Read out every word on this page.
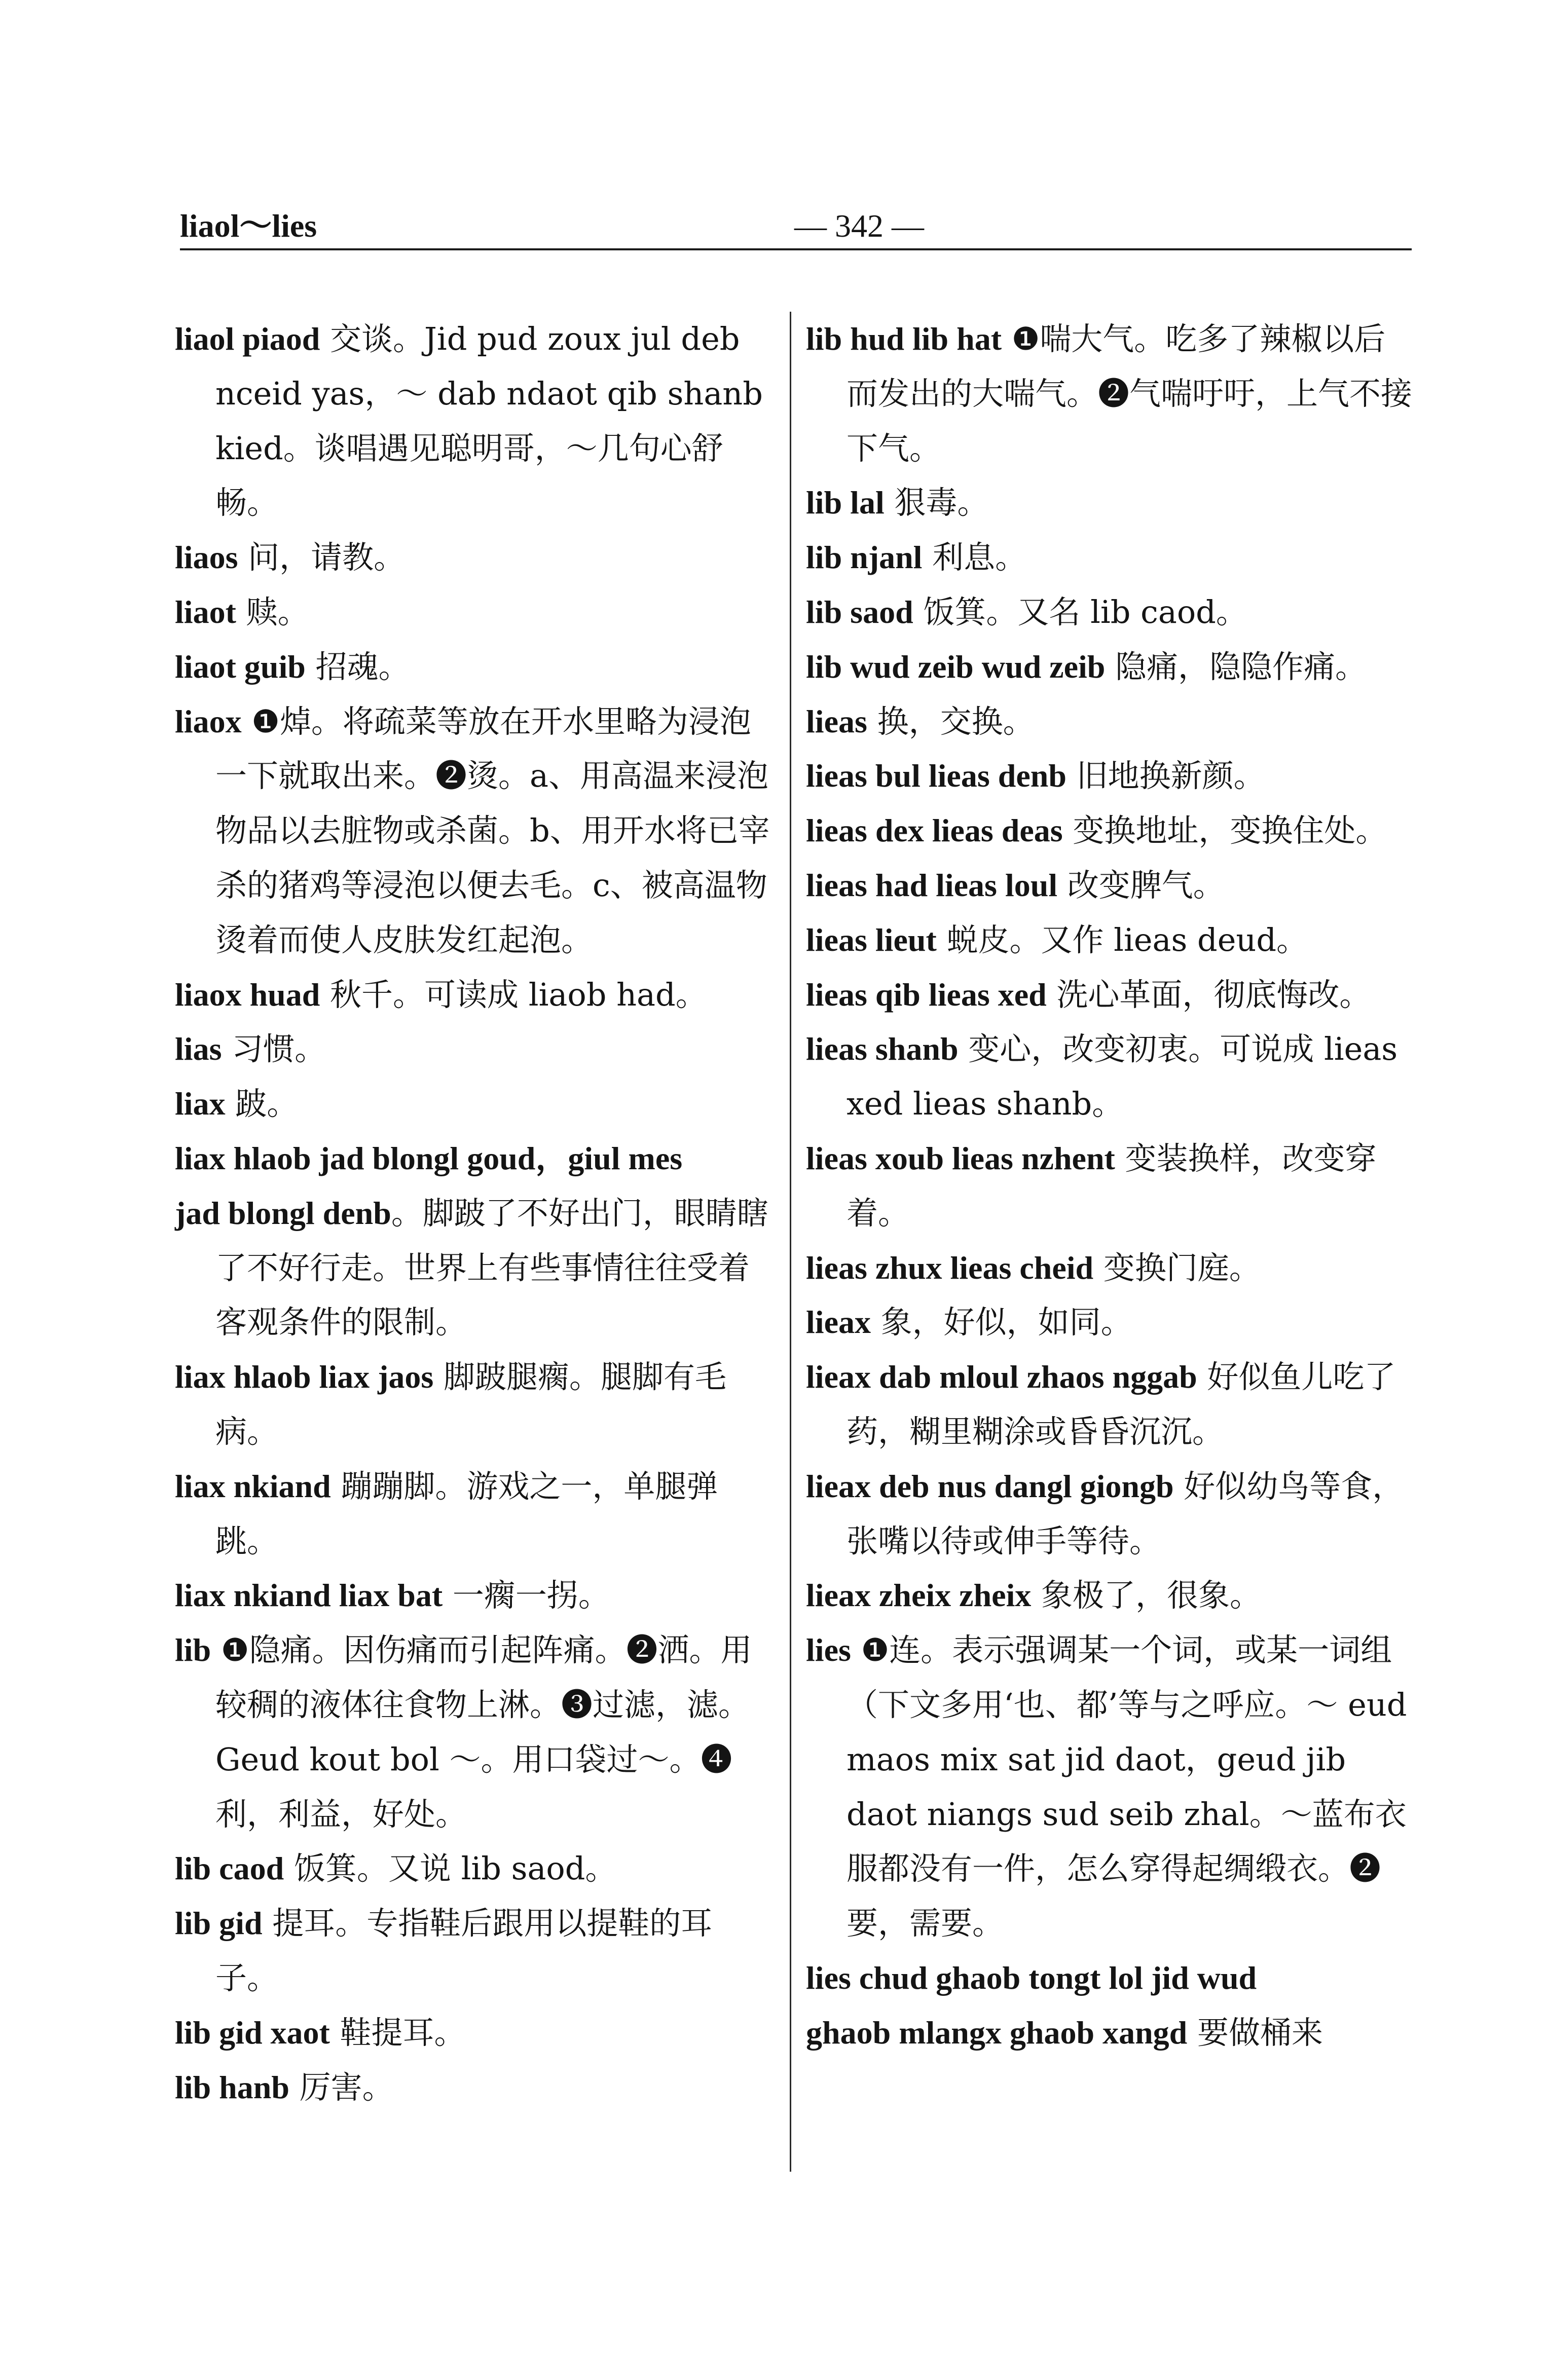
liaol～lies	— 342 —

liaol piaod 交谈。Jid pud zoux jul deb nceid yas，～ dab ndaot qib shanb kied。谈唱遇见聪明哥，～几句心舒畅。

liaos 问，请教。

liaot 赎。

liaot guib 招魂。

liaox ❶焯。将疏菜等放在开水里略为浸泡一下就取出来。❷烫。a、用高温来浸泡物品以去脏物或杀菌。b、用开水将已宰杀的猪鸡等浸泡以便去毛。c、被高温物烫着而使人皮肤发红起泡。

liaox huad 秋千。可读成 liaob had。

lias 习惯。

liax 跛。

liax hlaob jad blongl goud，giul mes

jad blongl denb。脚跛了不好出门，眼睛瞎了不好行走。世界上有些事情往往受着客观条件的限制。

liax hlaob liax jaos 脚跛腿瘸。腿脚有毛病。

liax nkiand 蹦蹦脚。游戏之一，单腿弹跳。

liax nkiand liax bat 一瘸一拐。

lib ❶隐痛。因伤痛而引起阵痛。❷洒。用较稠的液体往食物上淋。❸过滤，滤。Geud kout bol ～。用口袋过～。❹利，利益，好处。

lib caod 饭箕。又说 lib saod。

lib gid 提耳。专指鞋后跟用以提鞋的耳子。

lib gid xaot 鞋提耳。

lib hanb 厉害。

lib hud lib hat ❶喘大气。吃多了辣椒以后而发出的大喘气。❷气喘吁吁，上气不接下气。

lib lal 狠毒。

lib njanl 利息。

lib saod 饭箕。又名 lib caod。

lib wud zeib wud zeib 隐痛，隐隐作痛。

lieas 换，交换。

lieas bul lieas denb 旧地换新颜。

lieas dex lieas deas 变换地址，变换住处。

lieas had lieas loul 改变脾气。

lieas lieut 蜕皮。又作 lieas deud。

lieas qib lieas xed 洗心革面，彻底悔改。

lieas shanb 变心，改变初衷。可说成 lieas xed lieas shanb。

lieas xoub lieas nzhent 变装换样，改变穿着。

lieas zhux lieas cheid 变换门庭。

lieax 象，好似，如同。

lieax dab mloul zhaos nggab 好似鱼儿吃了药，糊里糊涂或昏昏沉沉。

lieax deb nus dangl giongb 好似幼鸟等食，张嘴以待或伸手等待。

lieax zheix zheix 象极了，很象。

lies ❶连。表示强调某一个词，或某一词组（下文多用‘也、都’等与之呼应。～ eud maos mix sat jid daot，geud jib daot niangs sud seib zhal。～蓝布衣服都没有一件，怎么穿得起绸缎衣。❷要，需要。

lies chud ghaob tongt lol jid wud

ghaob mlangx ghaob xangd 要做桶来
